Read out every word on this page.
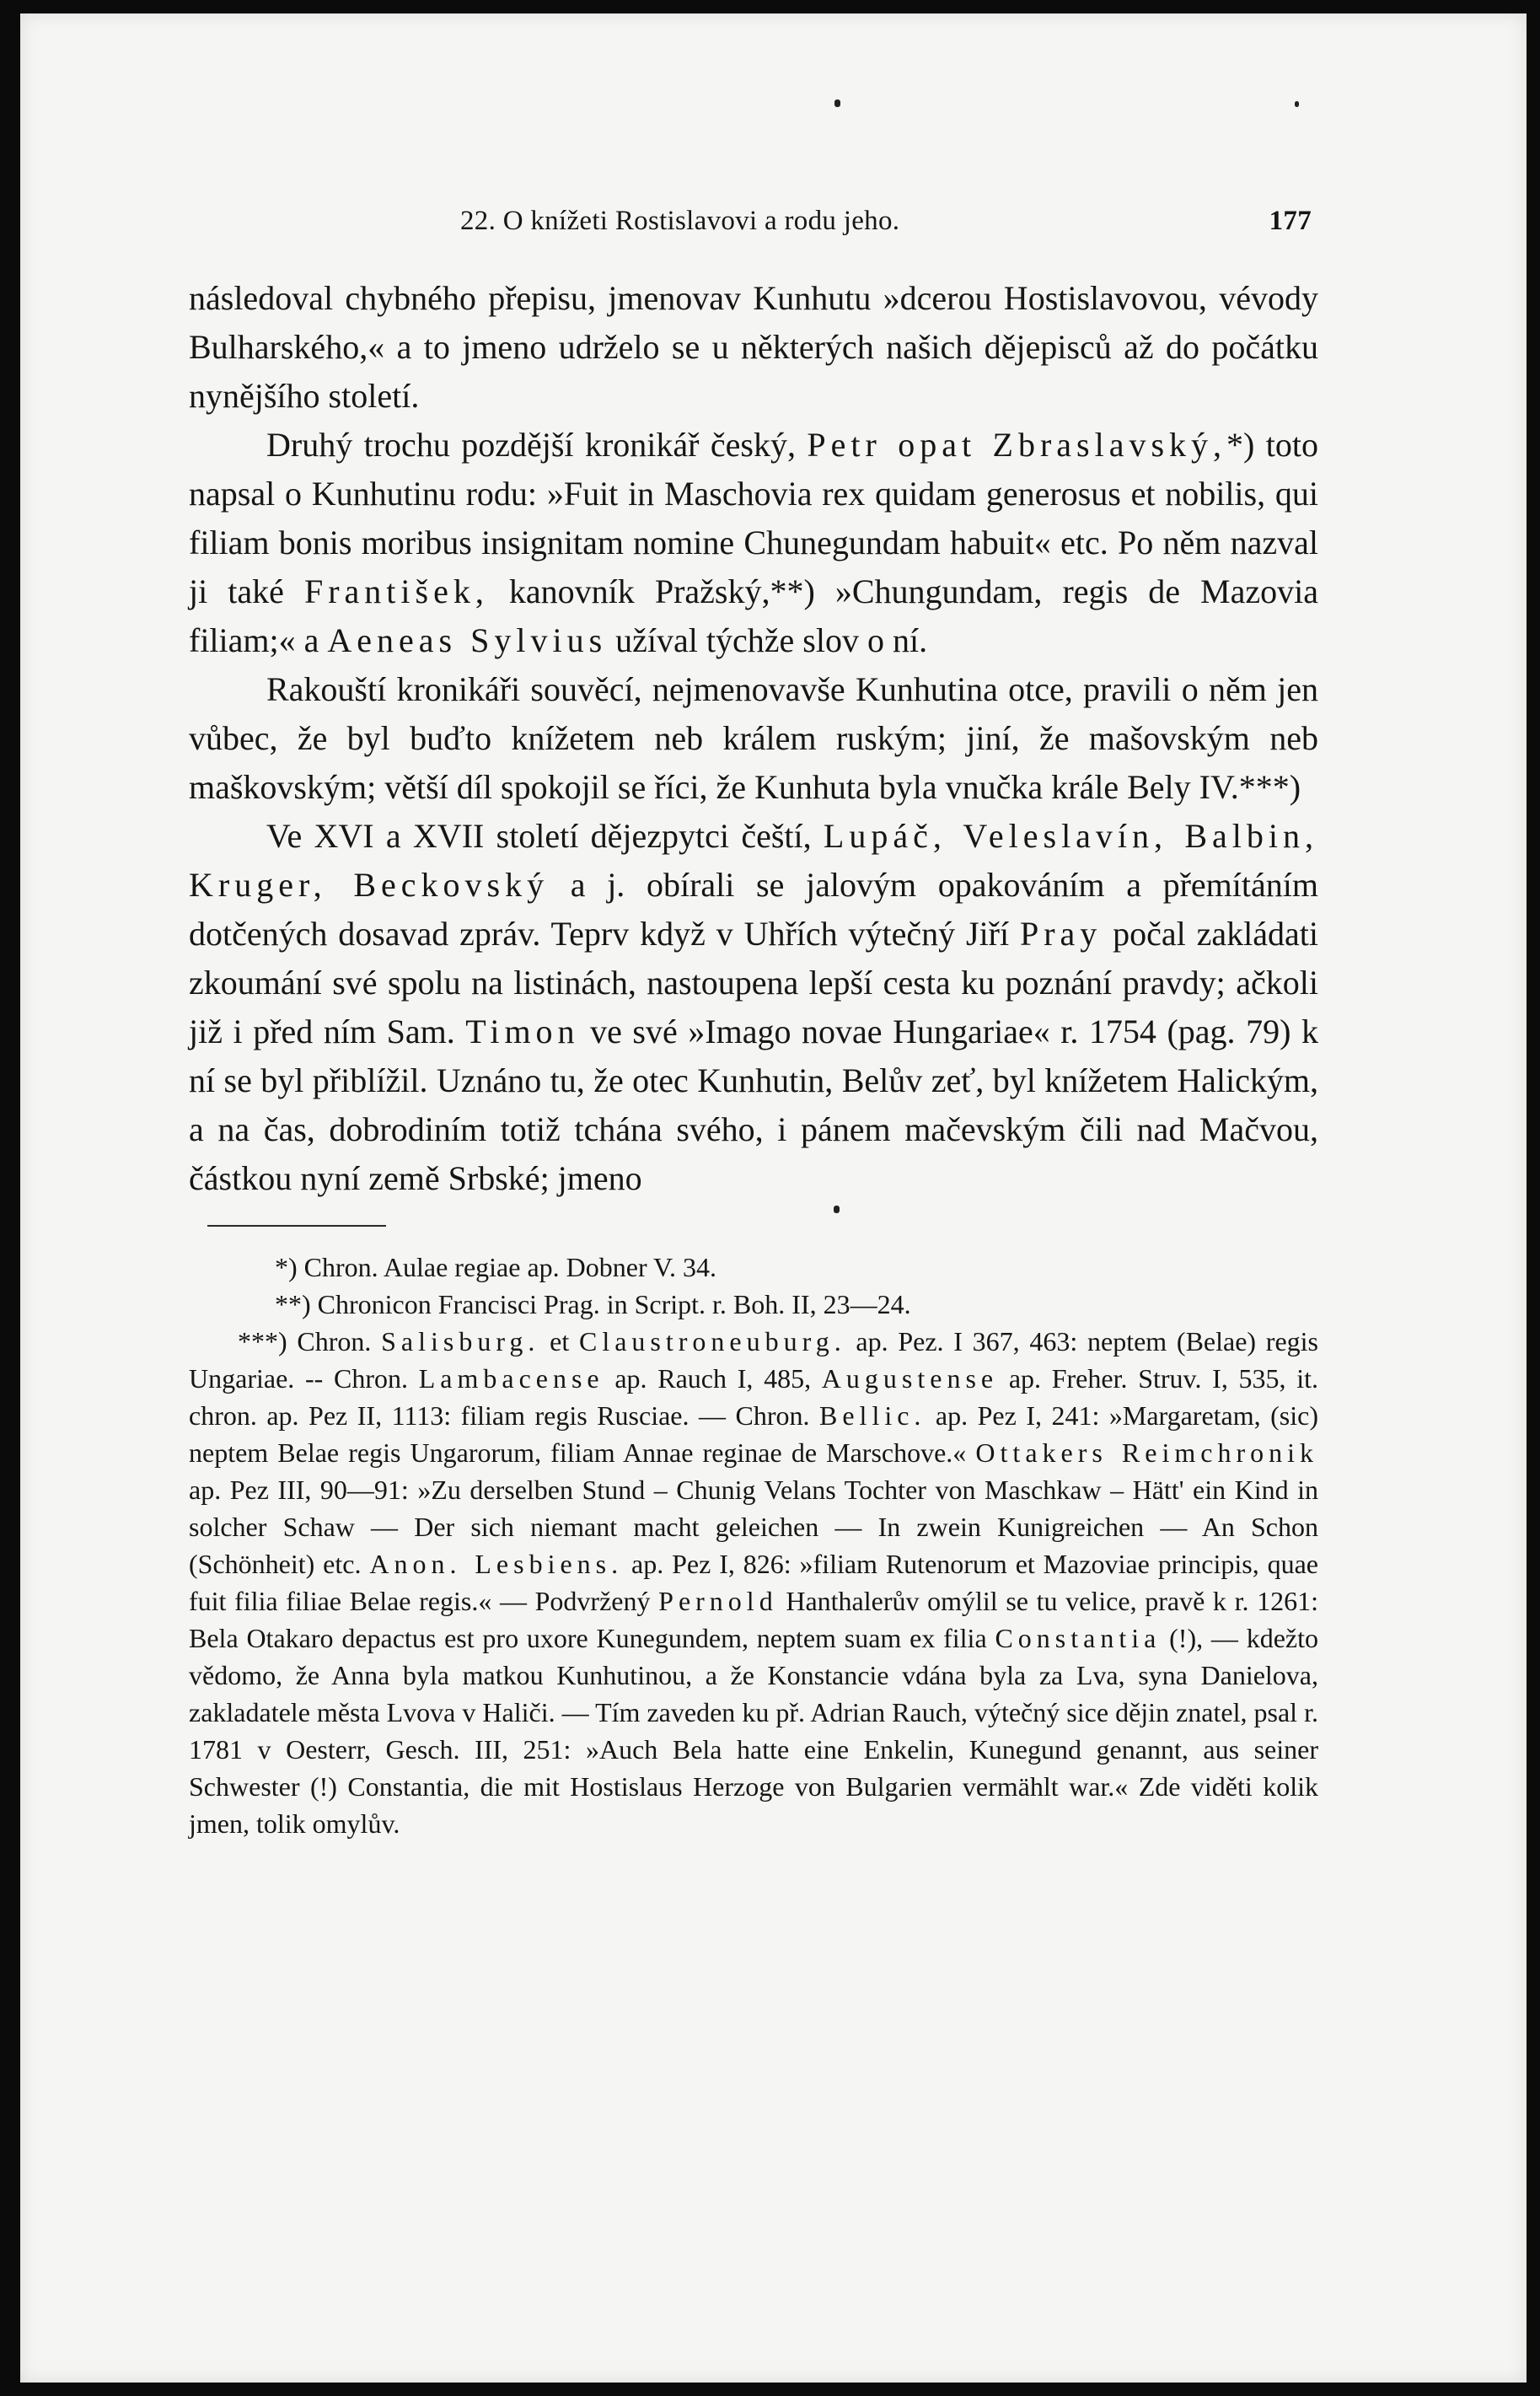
22. O knížeti Rostislavovi a rodu jeho.	177

následoval chybného přepisu, jmenovav Kunhutu »dcerou Hostislavovou, vévody Bulharského,« a to jmeno udrželo se u některých našich dějepisců až do počátku nynějšího století.

Druhý trochu pozdější kronikář český, Petr opat Zbraslavský,*) toto napsal o Kunhutinu rodu: »Fuit in Maschovia rex quidam generosus et nobilis, qui filiam bonis moribus insignitam nomine Chunegundam habuit« etc. Po něm nazval ji také František, kanovník Pražský,**) »Chungundam, regis de Mazovia filiam;« a Aeneas Sylvius užíval týchže slov o ní.

Rakouští kronikáři souvěcí, nejmenovavše Kunhutina otce, pravili o něm jen vůbec, že byl buďto knížetem neb králem ruským; jiní, že mašovským neb maškovským; větší díl spokojil se říci, že Kunhuta byla vnučka krále Bely IV.***)

Ve XVI a XVII století dějezpytci čeští, Lupáč, Veleslavín, Balbin, Kruger, Beckovský a j. obírali se jalovým opakováním a přemítáním dotčených dosavad zpráv. Teprv když v Uhřích výtečný Jiří Pray počal zakládati zkoumání své spolu na listinách, nastoupena lepší cesta ku poznání pravdy; ačkoli již i před ním Sam. Timon ve své »Imago novae Hungariae« r. 1754 (pag. 79) k ní se byl přiblížil. Uznáno tu, že otec Kunhutin, Belův zeť, byl knížetem Halickým, a na čas, dobrodiním totiž tchána svého, i pánem mačevským čili nad Mačvou, částkou nyní země Srbské; jmeno

*) Chron. Aulae regiae ap. Dobner V. 34.

**) Chronicon Francisci Prag. in Script. r. Boh. II, 23—24.

***) Chron. Salisburg. et Claustroneuburg. ap. Pez. I 367, 463: neptem (Belae) regis Ungariae. -- Chron. Lambacense ap. Rauch I, 485, Augustense ap. Freher. Struv. I, 535, it. chron. ap. Pez II, 1113: filiam regis Rusciae. — Chron. Bellic. ap. Pez I, 241: »Margaretam, (sic) neptem Belae regis Ungarorum, filiam Annae reginae de Marschove.« Ottakers Reimchronik ap. Pez III, 90—91: »Zu derselben Stund – Chunig Velans Tochter von Maschkaw – Hätt' ein Kind in solcher Schaw — Der sich niemant macht geleichen — In zwein Kunigreichen — An Schon (Schönheit) etc. Anon. Lesbiens. ap. Pez I, 826: »filiam Rutenorum et Mazoviae principis, quae fuit filia filiae Belae regis.« — Podvržený Pernold Hanthalerův omýlil se tu velice, pravě k r. 1261: Bela Otakaro depactus est pro uxore Kunegundem, neptem suam ex filia Constantia (!), — kdežto vědomo, že Anna byla matkou Kunhutinou, a že Konstancie vdána byla za Lva, syna Danielova, zakladatele města Lvova v Haliči. — Tím zaveden ku př. Adrian Rauch, výtečný sice dějin znatel, psal r. 1781 v Oesterr, Gesch. III, 251: »Auch Bela hatte eine Enkelin, Kunegund genannt, aus seiner Schwester (!) Constantia, die mit Hostislaus Herzoge von Bulgarien vermählt war.« Zde viděti kolik jmen, tolik omylův.
